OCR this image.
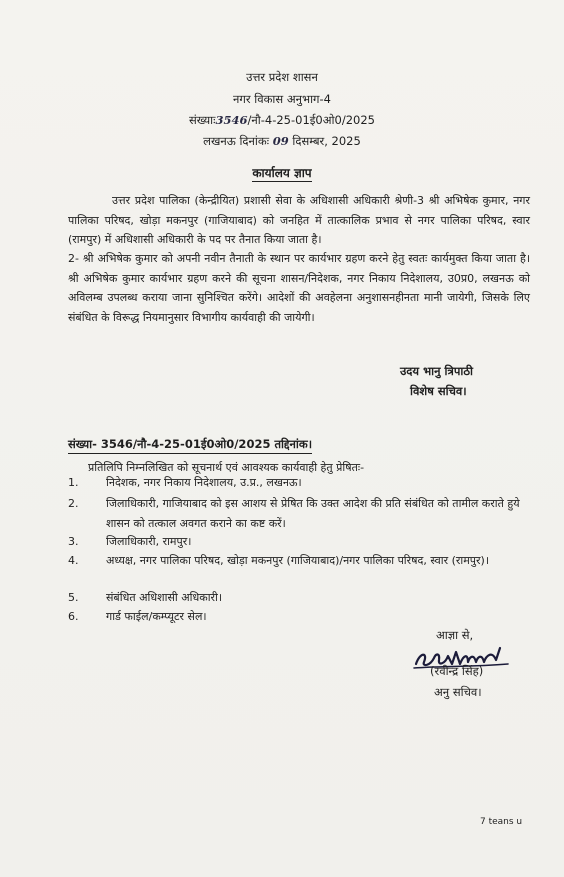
उत्तर प्रदेश शासन
नगर विकास अनुभाग-4
संख्याः3546/नौ-4-25-01ई0ओ0/2025
लखनऊ दिनांकः 09 दिसम्बर, 2025
कार्यालय ज्ञाप
उत्तर प्रदेश पालिका (केन्द्रीयित) प्रशासी सेवा के अधिशासी अधिकारी श्रेणी-3 श्री अभिषेक कुमार, नगर पालिका परिषद, खोड़ा मकनपुर (गाजियाबाद) को जनहित में तात्कालिक प्रभाव से नगर पालिका परिषद, स्वार (रामपुर) में अधिशासी अधिकारी के पद पर तैनात किया जाता है।
2- श्री अभिषेक कुमार को अपनी नवीन तैनाती के स्थान पर कार्यभार ग्रहण करने हेतु स्वतः कार्यमुक्त किया जाता है। श्री अभिषेक कुमार कार्यभार ग्रहण करने की सूचना शासन/निदेशक, नगर निकाय निदेशालय, उ0प्र0, लखनऊ को अविलम्ब उपलब्ध कराया जाना सुनिश्चित करेंगे। आदेशों की अवहेलना अनुशासनहीनता मानी जायेगी, जिसके लिए संबंधित के विरूद्ध नियमानुसार विभागीय कार्यवाही की जायेगी।
उदय भानु त्रिपाठी
विशेष सचिव।
संख्या- 3546/नौ-4-25-01ई0ओ0/2025 तद्दिनांक।
प्रतिलिपि निम्नलिखित को सूचनार्थ एवं आवश्यक कार्यवाही हेतु प्रेषितः-
1.	निदेशक, नगर निकाय निदेशालय, उ.प्र., लखनऊ।
2.	जिलाधिकारी, गाजियाबाद को इस आशय से प्रेषित कि उक्त आदेश की प्रति संबंधित को तामील कराते हुये शासन को तत्काल अवगत कराने का कष्ट करें।
3.	जिलाधिकारी, रामपुर।
4.	अध्यक्ष, नगर पालिका परिषद, खोड़ा मकनपुर (गाजियाबाद)/नगर पालिका परिषद, स्वार (रामपुर)।
5.	संबंधित अधिशासी अधिकारी।
6.	गार्ड फाईल/कम्प्यूटर सेल।
आज्ञा से,
(रवीन्द्र सिंह)
अनु सचिव।
7 teans u
